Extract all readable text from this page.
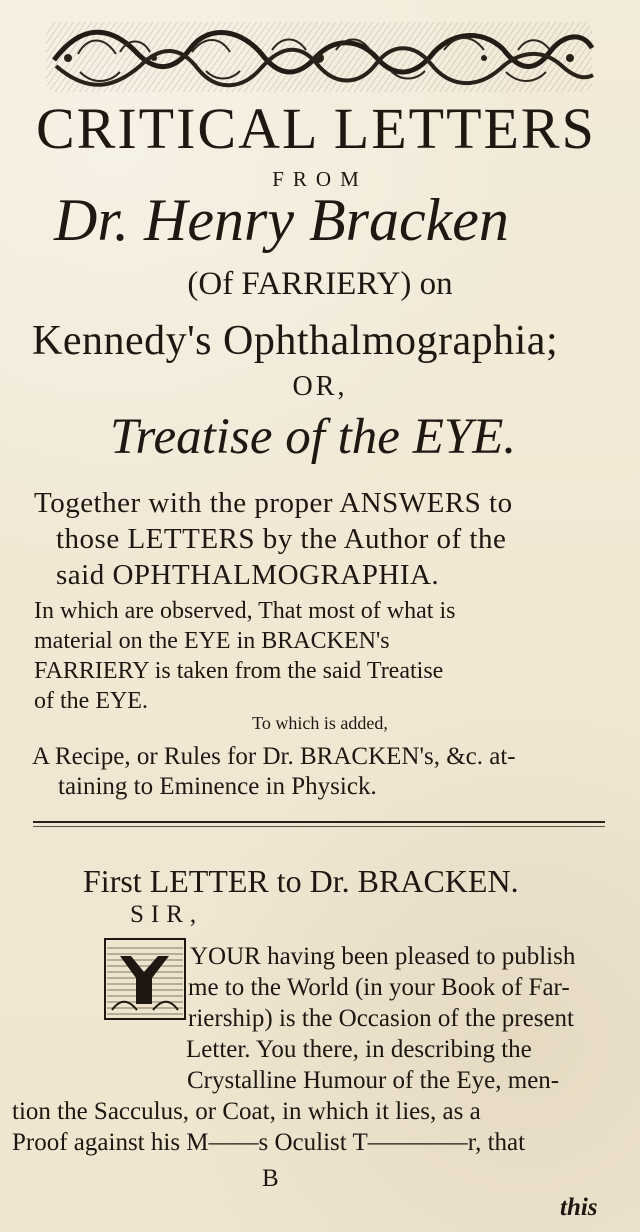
CRITICAL LETTERS
FROM
Dr. Henry Bracken
(Of FARRIERY) on
Kennedy's Ophthalmographia;
OR,
Treatise of the EYE.
Together with the proper ANSWERS to
those LETTERS by the Author of the
said OPHTHALMOGRAPHIA.
In which are observed, That most of what is
material on the EYE in BRACKEN's
FARRIERY is taken from the said Treatise
of the EYE.
To which is added,
A Recipe, or Rules for Dr. BRACKEN's, &c. at-
taining to Eminence in Physick.
First LETTER to Dr. BRACKEN.
SIR,
YOUR having been pleased to publish
me to the World (in your Book of Far-
riership) is the Occasion of the present
Letter. You there, in describing the
Crystalline Humour of the Eye, men-
tion the Sacculus, or Coat, in which it lies, as a
Proof against his M——s Oculist T————r, that
B
this
